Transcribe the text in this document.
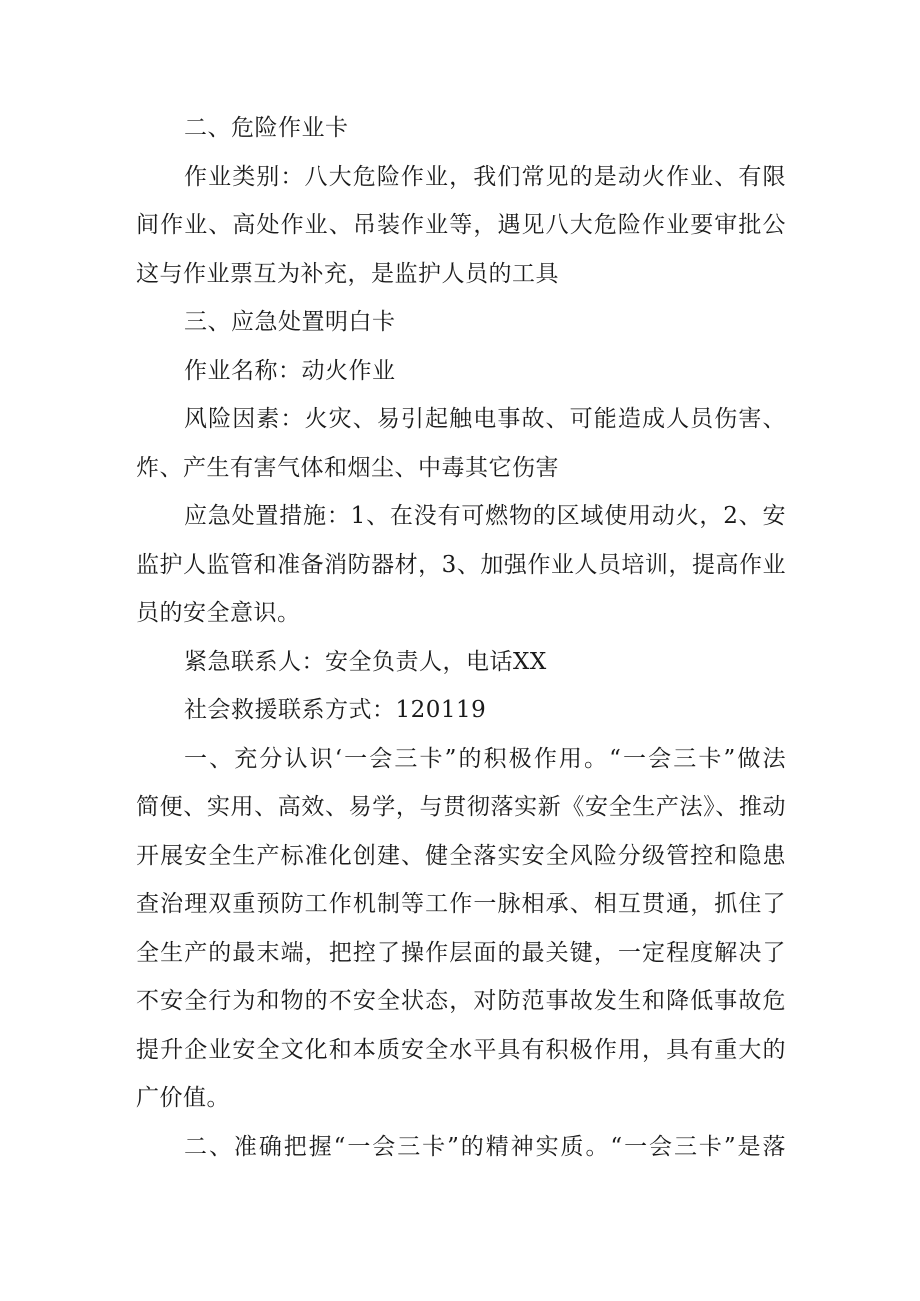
二、危险作业卡
作业类别：八大危险作业，我们常见的是动火作业、有限
间作业、高处作业、吊装作业等，遇见八大危险作业要审批公
这与作业票互为补充，是监护人员的工具
三、应急处置明白卡
作业名称：动火作业
风险因素：火灾、易引起触电事故、可能造成人员伤害、
炸、产生有害气体和烟尘、中毒其它伤害
应急处置措施：1、在没有可燃物的区域使用动火，2、安
监护人监管和准备消防器材，3、加强作业人员培训，提高作业
员的安全意识。
紧急联系人：安全负责人，电话XX
社会救援联系方式：120119
一、充分认识‘一会三卡”的积极作用。“一会三卡”做法
简便、实用、高效、易学，与贯彻落实新《安全生产法》、推动
开展安全生产标准化创建、健全落实安全风险分级管控和隐患
查治理双重预防工作机制等工作一脉相承、相互贯通，抓住了
全生产的最末端，把控了操作层面的最关键，一定程度解决了
不安全行为和物的不安全状态，对防范事故发生和降低事故危
提升企业安全文化和本质安全水平具有积极作用，具有重大的
广价值。
二、准确把握“一会三卡”的精神实质。“一会三卡”是落
